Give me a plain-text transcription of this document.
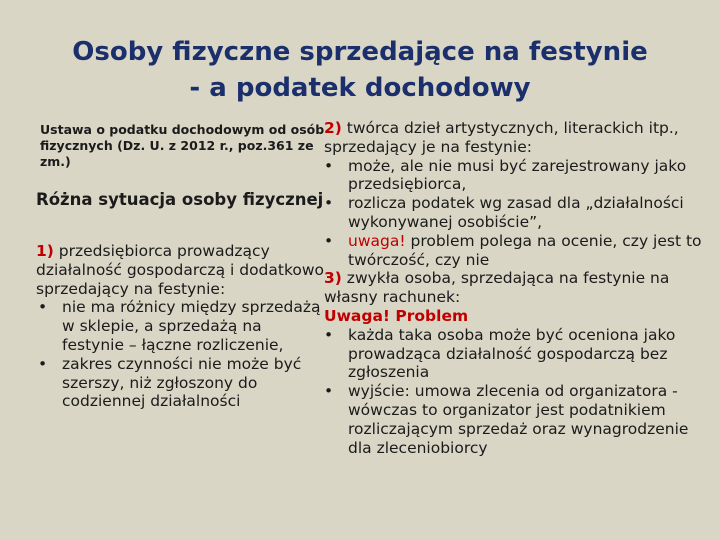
Osoby fizyczne sprzedające na festynie
- a podatek dochodowy
Ustawa o podatku dochodowym od osób fizycznych (Dz. U. z 2012 r., poz.361 ze zm.)
Różna sytuacja osoby fizycznej
1) przedsiębiorca prowadzący działalność gospodarczą i dodatkowo sprzedający na festynie:
• nie ma różnicy między sprzedażą w sklepie, a sprzedażą na festynie – łączne rozliczenie,
• zakres czynności nie może być szerszy, niż zgłoszony do codziennej działalności
2) twórca dzieł artystycznych, literackich itp., sprzedający je na festynie:
• może, ale nie musi być zarejestrowany jako przedsiębiorca,
• rozlicza podatek wg zasad dla „działalności wykonywanej osobiście”,
• uwaga! problem polega na ocenie, czy jest to twórczość, czy nie
3) zwykła osoba, sprzedająca na festynie na własny rachunek:
Uwaga! Problem
• każda taka osoba może być oceniona jako prowadząca działalność gospodarczą bez zgłoszenia
• wyjście: umowa zlecenia od organizatora - wówczas to organizator jest podatnikiem rozliczającym sprzedaż oraz wynagrodzenie dla zleceniobiorcy
